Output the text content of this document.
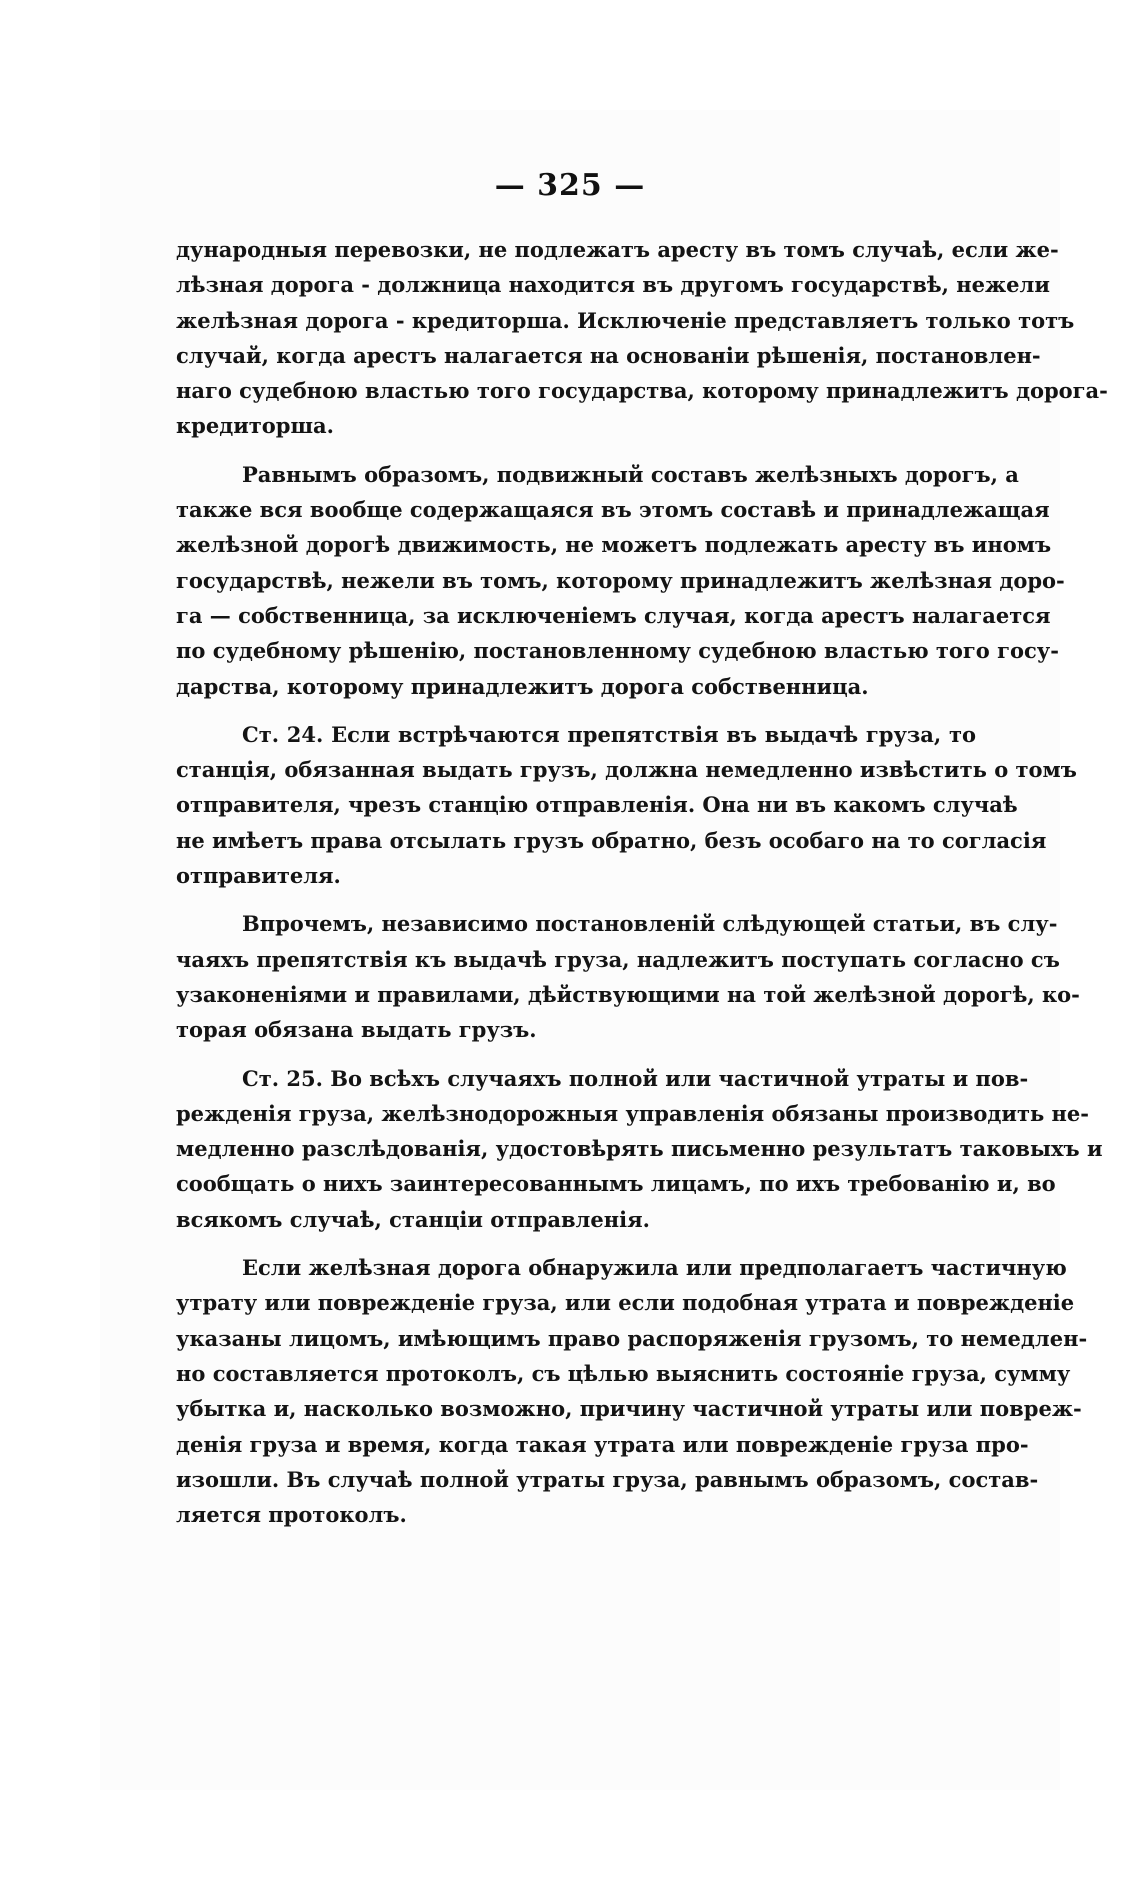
— 325 —
дународныя перевозки, не подлежатъ аресту въ томъ случаѣ, если же-
лѣзная дорога - должница находится въ другомъ государствѣ, нежели
желѣзная дорога - кредиторша. Исключеніе представляетъ только тотъ
случай, когда арестъ налагается на основаніи рѣшенія, постановлен-
наго судебною властью того государства, которому принадлежитъ дорога-
кредиторша.
Равнымъ образомъ, подвижный составъ желѣзныхъ дорогъ, а
также вся вообще содержащаяся въ этомъ составѣ и принадлежащая
желѣзной дорогѣ движимость, не можетъ подлежать аресту въ иномъ
государствѣ, нежели въ томъ, которому принадлежитъ желѣзная доро-
га — собственница, за исключеніемъ случая, когда арестъ налагается
по судебному рѣшенію, постановленному судебною властью того госу-
дарства, которому принадлежитъ дорога собственница.
Ст. 24. Если встрѣчаются препятствія въ выдачѣ груза, то
станція, обязанная выдать грузъ, должна немедленно извѣстить о томъ
отправителя, чрезъ станцію отправленія. Она ни въ какомъ случаѣ
не имѣетъ права отсылать грузъ обратно, безъ особаго на то согласія
отправителя.
Впрочемъ, независимо постановленій слѣдующей статьи, въ слу-
чаяхъ препятствія къ выдачѣ груза, надлежитъ поступать согласно съ
узаконеніями и правилами, дѣйствующими на той желѣзной дорогѣ, ко-
торая обязана выдать грузъ.
Ст. 25. Во всѣхъ случаяхъ полной или частичной утраты и пов-
режденія груза, желѣзнодорожныя управленія обязаны производить не-
медленно разслѣдованія, удостовѣрять письменно результатъ таковыхъ и
сообщать о нихъ заинтересованнымъ лицамъ, по ихъ требованію и, во
всякомъ случаѣ, станціи отправленія.
Если желѣзная дорога обнаружила или предполагаетъ частичную
утрату или поврежденіе груза, или если подобная утрата и поврежденіе
указаны лицомъ, имѣющимъ право распоряженія грузомъ, то немедлен-
но составляется протоколъ, съ цѣлью выяснить состояніе груза, сумму
убытка и, насколько возможно, причину частичной утраты или повреж-
денія груза и время, когда такая утрата или поврежденіе груза про-
изошли. Въ случаѣ полной утраты груза, равнымъ образомъ, состав-
ляется протоколъ.
